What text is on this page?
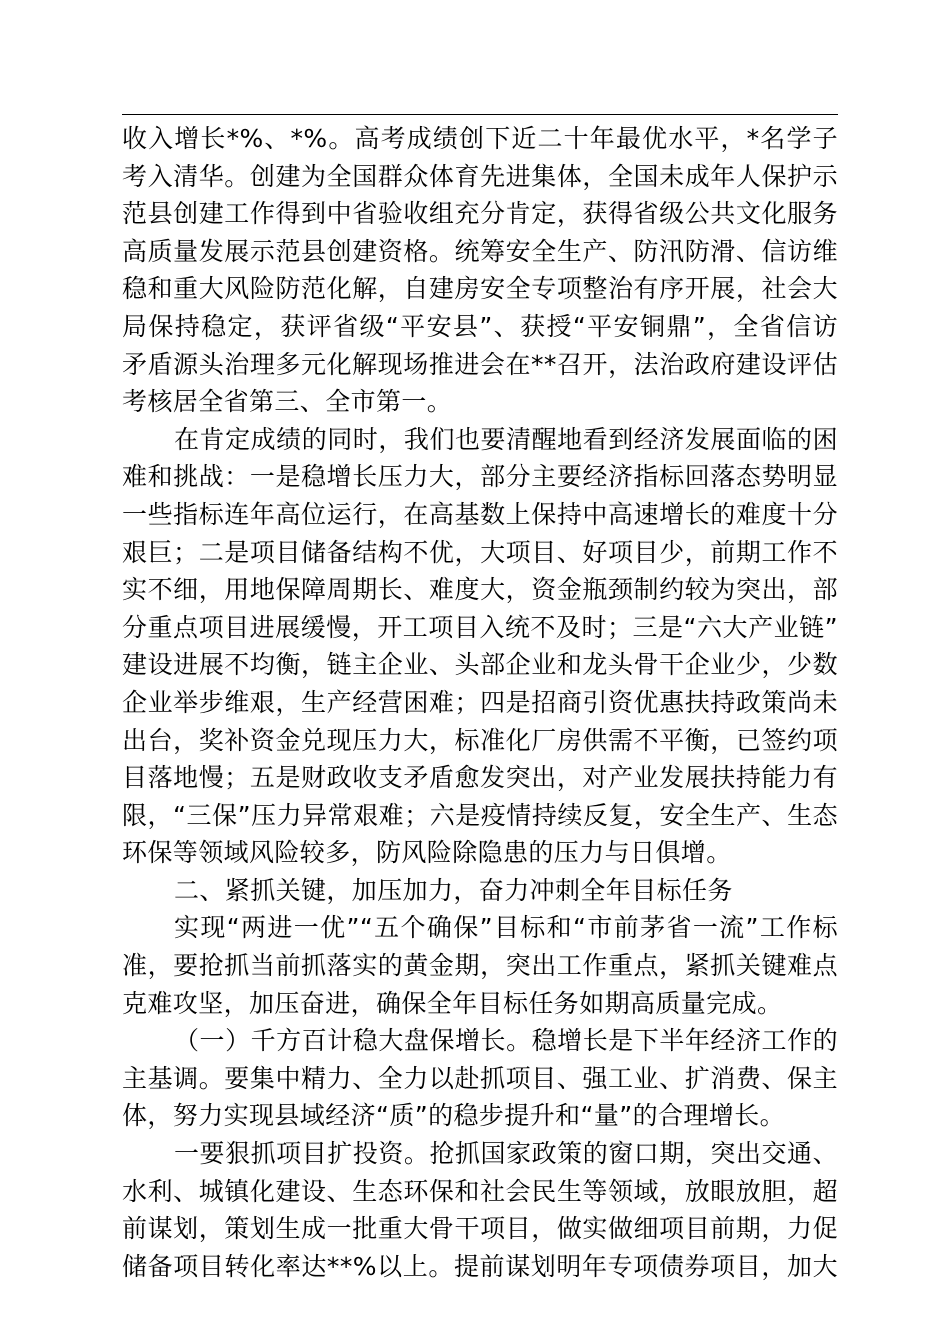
收入增长*%、*%。高考成绩创下近二十年最优水平，*名学子
考入清华。创建为全国群众体育先进集体，全国未成年人保护示
范县创建工作得到中省验收组充分肯定，获得省级公共文化服务
高质量发展示范县创建资格。统筹安全生产、防汛防滑、信访维
稳和重大风险防范化解，自建房安全专项整治有序开展，社会大
局保持稳定，获评省级“平安县”、获授“平安铜鼎”，全省信访
矛盾源头治理多元化解现场推进会在**召开，法治政府建设评估
考核居全省第三、全市第一。
在肯定成绩的同时，我们也要清醒地看到经济发展面临的困
难和挑战：一是稳增长压力大，部分主要经济指标回落态势明显
一些指标连年高位运行，在高基数上保持中高速增长的难度十分
艰巨；二是项目储备结构不优，大项目、好项目少，前期工作不
实不细，用地保障周期长、难度大，资金瓶颈制约较为突出，部
分重点项目进展缓慢，开工项目入统不及时；三是“六大产业链”
建设进展不均衡，链主企业、头部企业和龙头骨干企业少，少数
企业举步维艰，生产经营困难；四是招商引资优惠扶持政策尚未
出台，奖补资金兑现压力大，标准化厂房供需不平衡，已签约项
目落地慢；五是财政收支矛盾愈发突出，对产业发展扶持能力有
限，“三保”压力异常艰难；六是疫情持续反复，安全生产、生态
环保等领域风险较多，防风险除隐患的压力与日俱增。
二、紧抓关键，加压加力，奋力冲刺全年目标任务
实现“两进一优”“五个确保”目标和“市前茅省一流”工作标
准，要抢抓当前抓落实的黄金期，突出工作重点，紧抓关键难点
克难攻坚，加压奋进，确保全年目标任务如期高质量完成。
（一）千方百计稳大盘保增长。稳增长是下半年经济工作的
主基调。要集中精力、全力以赴抓项目、强工业、扩消费、保主
体，努力实现县域经济“质”的稳步提升和“量”的合理增长。
一要狠抓项目扩投资。抢抓国家政策的窗口期，突出交通、
水利、城镇化建设、生态环保和社会民生等领域，放眼放胆，超
前谋划，策划生成一批重大骨干项目，做实做细项目前期，力促
储备项目转化率达**%以上。提前谋划明年专项债券项目，加大
